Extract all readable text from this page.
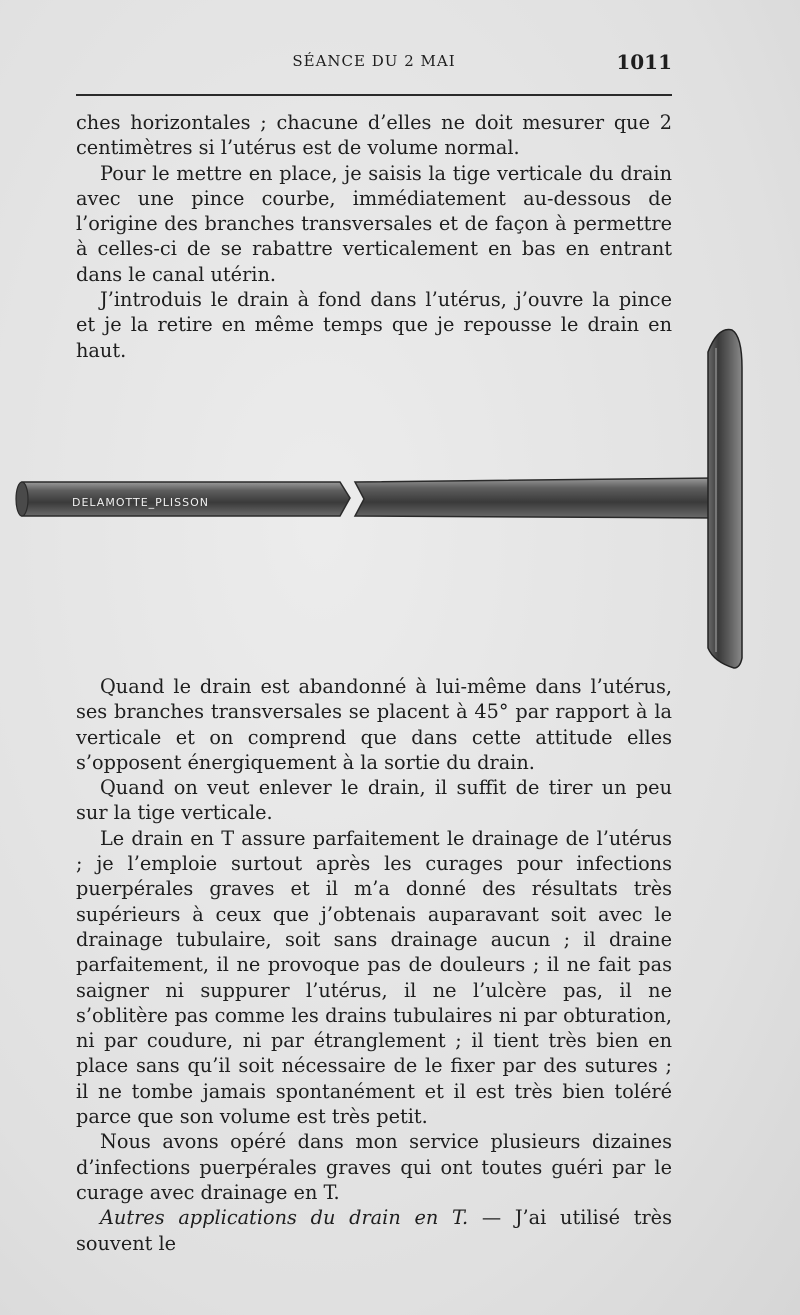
SÉANCE DU 2 MAI	1011

ches horizontales ; chacune d’elles ne doit mesurer que 2 centimètres si l’utérus est de volume normal.

Pour le mettre en place, je saisis la tige verticale du drain avec une pince courbe, immédiatement au-dessous de l’origine des branches transversales et de façon à permettre à celles-ci de se rabattre verticalement en bas en entrant dans le canal utérin.

J’introduis le drain à fond dans l’utérus, j’ouvre la pince et je la retire en même temps que je repousse le drain en haut.

DELAMOTTE_PLISSON

Quand le drain est abandonné à lui-même dans l’utérus, ses branches transversales se placent à 45° par rapport à la verticale et on comprend que dans cette attitude elles s’opposent énergiquement à la sortie du drain.

Quand on veut enlever le drain, il suffit de tirer un peu sur la tige verticale.

Le drain en T assure parfaitement le drainage de l’utérus ; je l’emploie surtout après les curages pour infections puerpérales graves et il m’a donné des résultats très supérieurs à ceux que j’obtenais auparavant soit avec le drainage tubulaire, soit sans drainage aucun ; il draine parfaitement, il ne provoque pas de douleurs ; il ne fait pas saigner ni suppurer l’utérus, il ne l’ulcère pas, il ne s’oblitère pas comme les drains tubulaires ni par obturation, ni par coudure, ni par étranglement ; il tient très bien en place sans qu’il soit nécessaire de le fixer par des sutures ; il ne tombe jamais spontanément et il est très bien toléré parce que son volume est très petit.

Nous avons opéré dans mon service plusieurs dizaines d’infections puerpérales graves qui ont toutes guéri par le curage avec drainage en T.

Autres applications du drain en T. — J’ai utilisé très souvent le
